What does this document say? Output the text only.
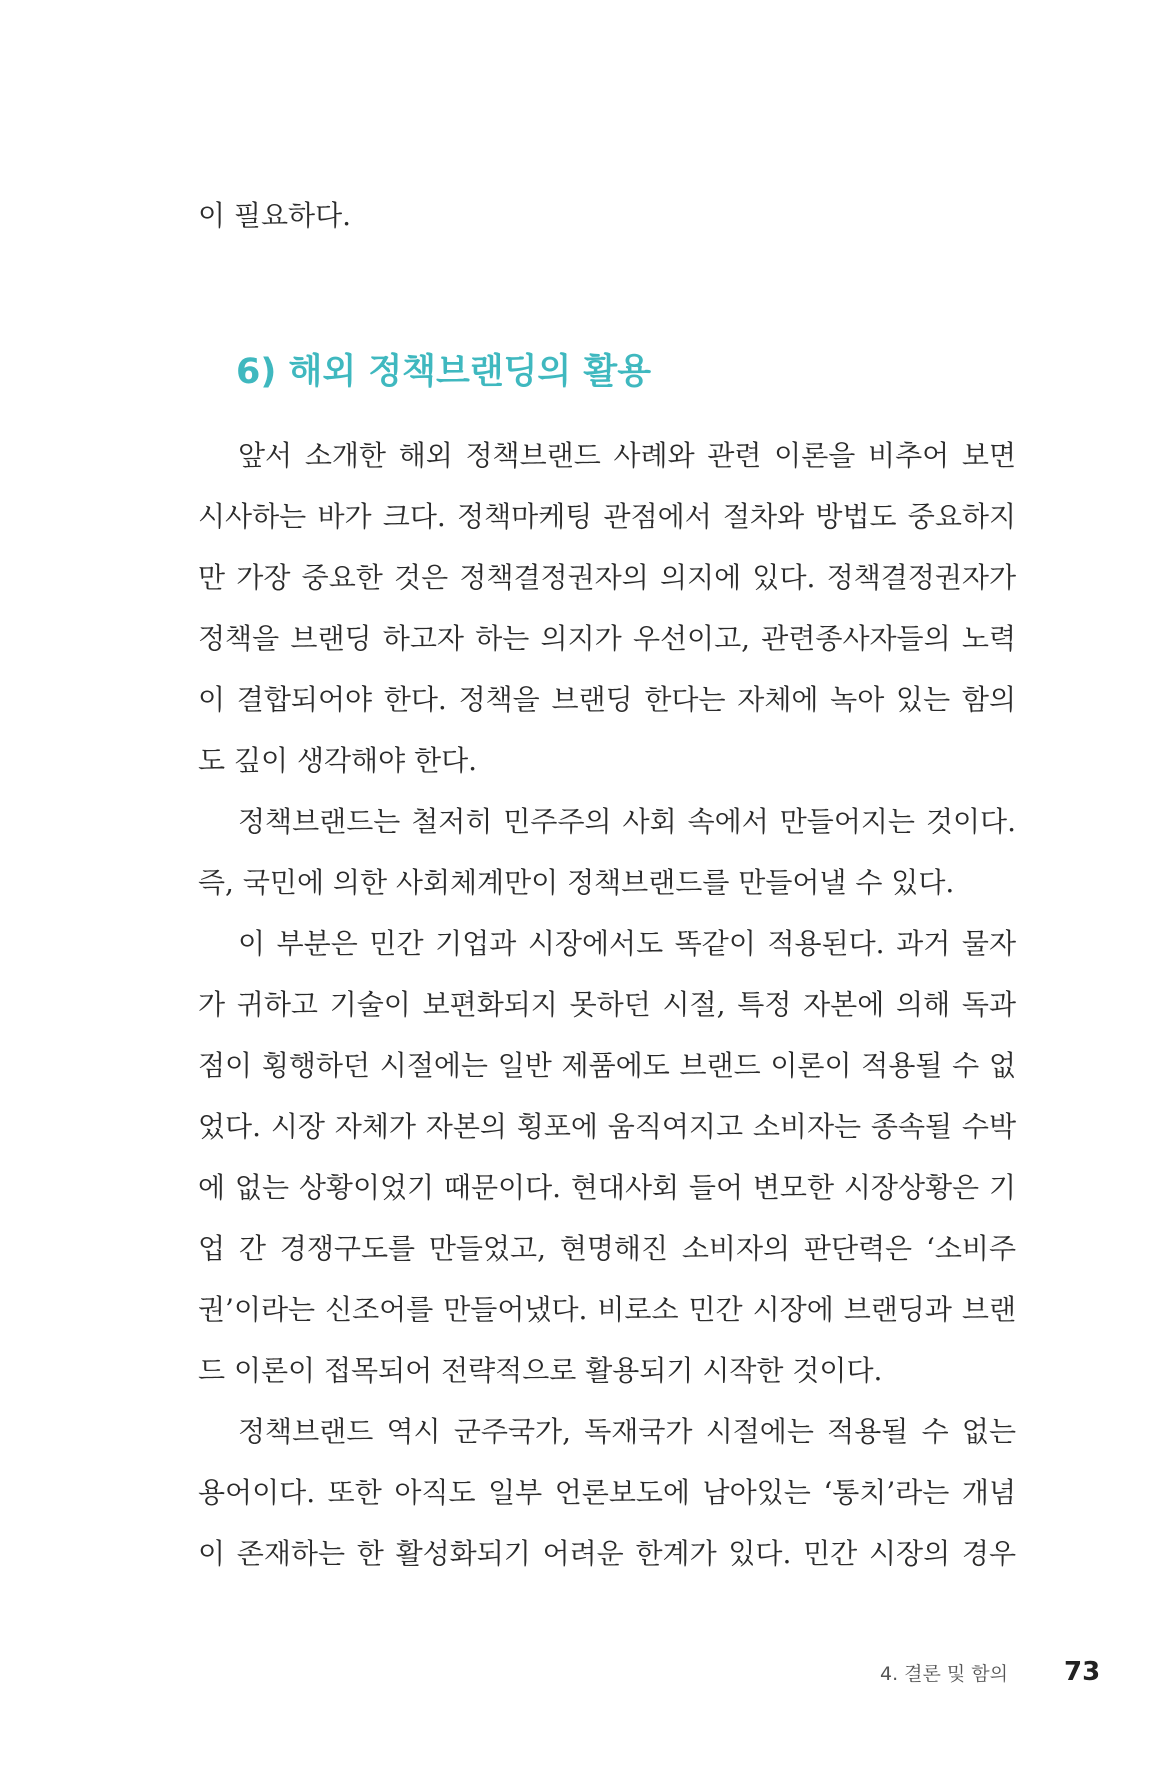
이 필요하다.
6) 해외 정책브랜딩의 활용
앞서 소개한 해외 정책브랜드 사례와 관련 이론을 비추어 보면
시사하는 바가 크다. 정책마케팅 관점에서 절차와 방법도 중요하지
만 가장 중요한 것은 정책결정권자의 의지에 있다. 정책결정권자가
정책을 브랜딩 하고자 하는 의지가 우선이고, 관련종사자들의 노력
이 결합되어야 한다. 정책을 브랜딩 한다는 자체에 녹아 있는 함의
도 깊이 생각해야 한다.
정책브랜드는 철저히 민주주의 사회 속에서 만들어지는 것이다.
즉, 국민에 의한 사회체계만이 정책브랜드를 만들어낼 수 있다.
이 부분은 민간 기업과 시장에서도 똑같이 적용된다. 과거 물자
가 귀하고 기술이 보편화되지 못하던 시절, 특정 자본에 의해 독과
점이 횡행하던 시절에는 일반 제품에도 브랜드 이론이 적용될 수 없
었다. 시장 자체가 자본의 횡포에 움직여지고 소비자는 종속될 수박
에 없는 상황이었기 때문이다. 현대사회 들어 변모한 시장상황은 기
업 간 경쟁구도를 만들었고, 현명해진 소비자의 판단력은 ‘소비주
권’이라는 신조어를 만들어냈다. 비로소 민간 시장에 브랜딩과 브랜
드 이론이 접목되어 전략적으로 활용되기 시작한 것이다.
정책브랜드 역시 군주국가, 독재국가 시절에는 적용될 수 없는
용어이다. 또한 아직도 일부 언론보도에 남아있는 ‘통치’라는 개념
이 존재하는 한 활성화되기 어려운 한계가 있다. 민간 시장의 경우
4. 결론 및 함의 73
